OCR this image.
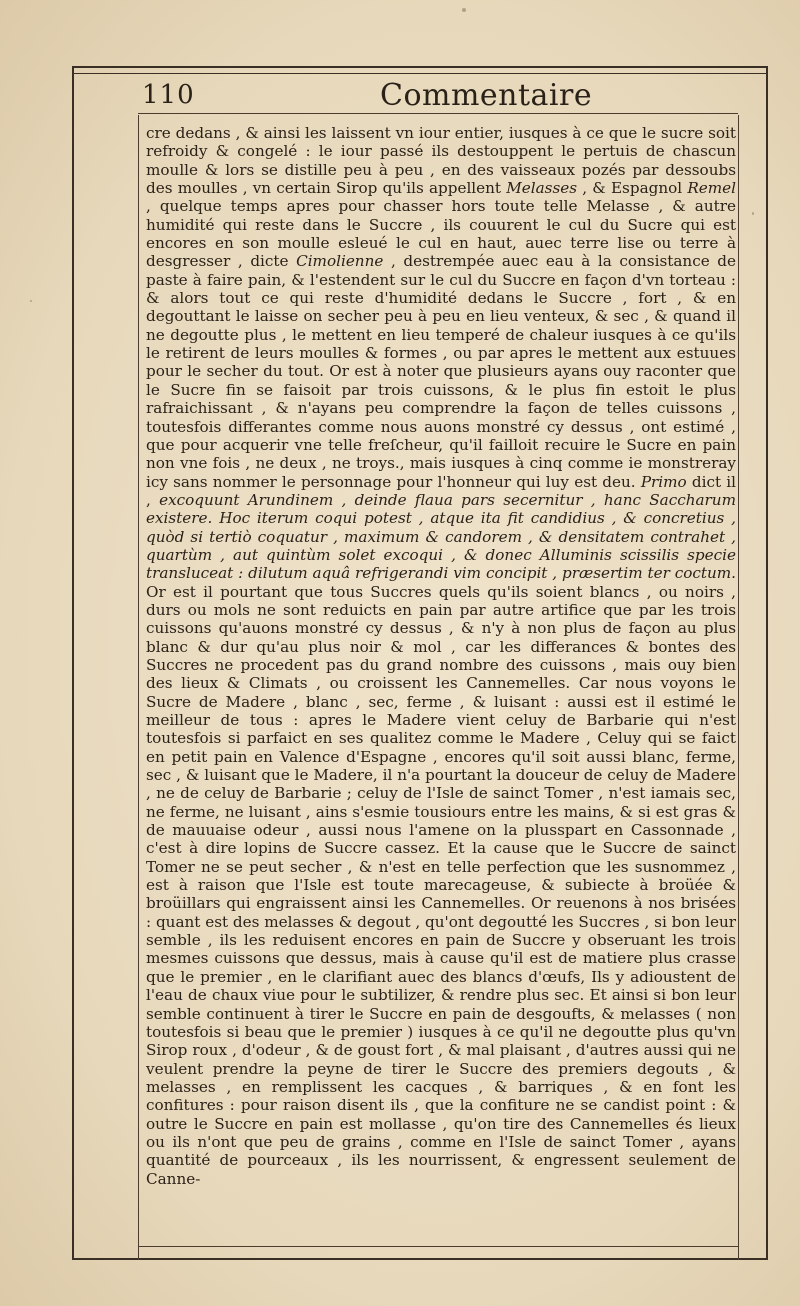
110	Commentaire

cre dedans , & ainsi les laissent vn iour entier, iusques à ce que le sucre soit refroidy & congelé : le iour passé ils destouppent le pertuis de chascun moulle & lors se distille peu à peu , en des vaisseaux pozés par dessoubs des moulles , vn certain Sirop qu'ils appellent Melasses , & Espagnol Remel , quelque temps apres pour chasser hors toute telle Melasse , & autre humidité qui reste dans le Succre , ils couurent le cul du Sucre qui est encores en son moulle esleué le cul en haut, auec terre lise ou terre à desgresser , dicte Cimolienne , destrempée auec eau à la consistance de paste à faire pain, & l'estendent sur le cul du Succre en façon d'vn torteau : & alors tout ce qui reste d'humidité dedans le Succre , fort , & en degouttant le laisse on secher peu à peu en lieu venteux, & sec , & quand il ne degoutte plus , le mettent en lieu temperé de chaleur iusques à ce qu'ils le retirent de leurs moulles & formes , ou par apres le mettent aux estuues pour le secher du tout. Or est à noter que plusieurs ayans ouy raconter que le Sucre fin se faisoit par trois cuissons, & le plus fin estoit le plus rafraichissant , & n'ayans peu comprendre la façon de telles cuissons , toutesfois differantes comme nous auons monstré cy dessus , ont estimé , que pour acquerir vne telle freſcheur, qu'il failloit recuire le Sucre en pain non vne fois , ne deux , ne troys., mais iusques à cinq comme ie monstreray icy sans nommer le personnage pour l'honneur qui luy est deu. Primo dict il , excoquunt Arundinem , deinde flaua pars secernitur , hanc Saccharum existere. Hoc iterum coqui potest , atque ita fit candidius , & concretius , quòd si tertiò coquatur , maximum & candorem , & densitatem contrahet , quartùm , aut quintùm solet excoqui , & donec Alluminis scissilis specie transluceat : dilutum aquâ refrigerandi vim concipit , præsertim ter coctum. Or est il pourtant que tous Succres quels qu'ils soient blancs , ou noirs , durs ou mols ne sont reduicts en pain par autre artifice que par les trois cuissons qu'auons monstré cy dessus , & n'y à non plus de façon au plus blanc & dur qu'au plus noir & mol , car les differances & bontes des Succres ne procedent pas du grand nombre des cuissons , mais ouy bien des lieux & Climats , ou croissent les Cannemelles. Car nous voyons le Sucre de Madere , blanc , sec, ferme , & luisant : aussi est il estimé le meilleur de tous : apres le Madere vient celuy de Barbarie qui n'est toutesfois si parfaict en ses qualitez comme le Madere , Celuy qui se faict en petit pain en Valence d'Espagne , encores qu'il soit aussi blanc, ferme, sec , & luisant que le Madere, il n'a pourtant la douceur de celuy de Madere , ne de celuy de Barbarie ; celuy de l'Isle de sainct Tomer , n'est iamais sec, ne ferme, ne luisant , ains s'esmie tousiours entre les mains, & si est gras & de mauuaise odeur , aussi nous l'amene on la plusspart en Cassonnade , c'est à dire lopins de Succre cassez. Et la cause que le Succre de sainct Tomer ne se peut secher , & n'est en telle perfection que les susnommez , est à raison que l'Isle est toute marecageuse, & subiecte à broüée & broüillars qui engraissent ainsi les Cannemelles. Or reuenons à nos brisées : quant est des melasses & degout , qu'ont degoutté les Succres , si bon leur semble , ils les reduisent encores en pain de Succre y obseruant les trois mesmes cuissons que dessus, mais à cause qu'il est de matiere plus crasse que le premier , en le clarifiant auec des blancs d'œufs, Ils y adioustent de l'eau de chaux viue pour le subtilizer, & rendre plus sec. Et ainsi si bon leur semble continuent à tirer le Succre en pain de desgoufts, & melasses ( non toutesfois si beau que le premier ) iusques à ce qu'il ne degoutte plus qu'vn Sirop roux , d'odeur , & de goust fort , & mal plaisant , d'autres aussi qui ne veulent prendre la peyne de tirer le Succre des premiers degouts , & melasses , en remplissent les cacques , & barriques , & en font les confitures : pour raison disent ils , que la confiture ne se candist point : & outre le Succre en pain est mollasse , qu'on tire des Cannemelles és lieux ou ils n'ont que peu de grains , comme en l'Isle de sainct Tomer , ayans quantité de pourceaux , ils les nourrissent, & engressent seulement de Canne-
